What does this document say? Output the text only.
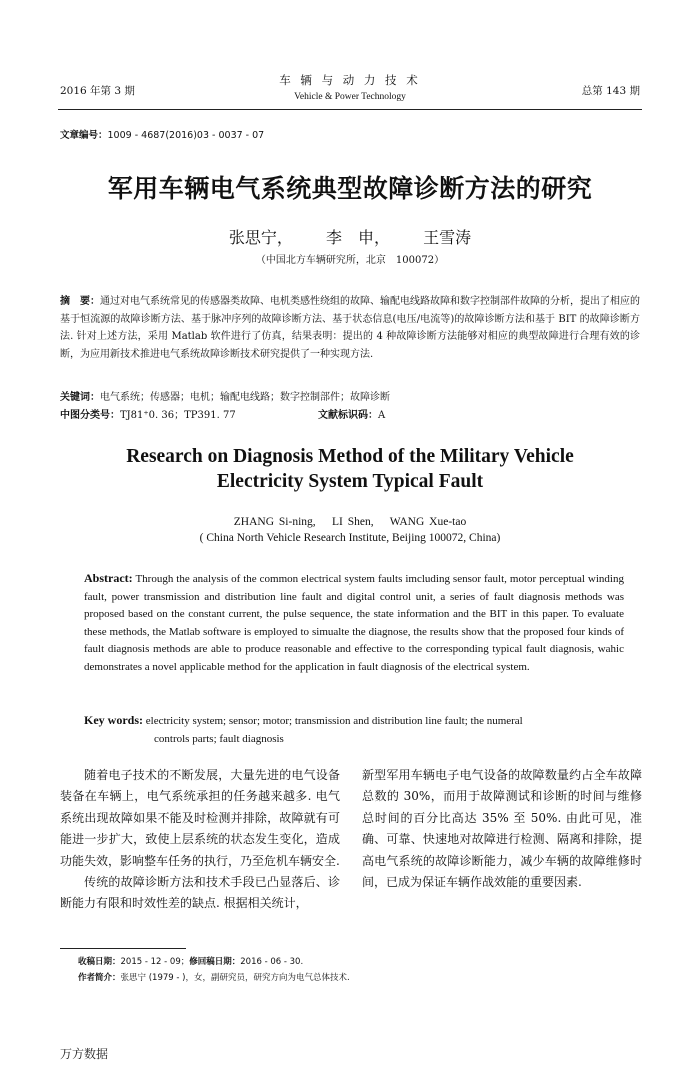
2016 年第 3 期
车 辆 与 动 力 技 术
Vehicle & Power Technology	总第 143 期
文章编号：1009 - 4687(2016)03 - 0037 - 07
军用车辆电气系统典型故障诊断方法的研究
张思宁， 李　申， 王雪涛
（中国北方车辆研究所，北京　100072）
摘　要：通过对电气系统常见的传感器类故障、电机类感性绕组的故障、输配电线路故障和数字控制部件故障的分析，提出了相应的基于恒流源的故障诊断方法、基于脉冲序列的故障诊断方法、基于状态信息(电压/电流等)的故障诊断方法和基于 BIT 的故障诊断方法. 针对上述方法，采用 Matlab 软件进行了仿真，结果表明：提出的 4 种故障诊断方法能够对相应的典型故障进行合理有效的诊断，为应用新技术推进电气系统故障诊断技术研究提供了一种实现方法.
关键词：电气系统；传感器；电机；输配电线路；数字控制部件；故障诊断
中图分类号：TJ81⁺0. 36；TP391. 77	文献标识码：A
Research on Diagnosis Method of the Military Vehicle
Electricity System Typical Fault
ZHANG Si-ning,　 LI Shen,　 WANG Xue-tao
( China North Vehicle Research Institute, Beijing 100072, China)
Abstract: Through the analysis of the common electrical system faults imcluding sensor fault, motor perceptual winding fault, power transmission and distribution line fault and digital control unit, a series of fault diagnosis methods was proposed based on the constant current, the pulse sequence, the state information and the BIT in this paper. To evaluate these methods, the Matlab software is employed to simualte the diagnose, the results show that the proposed four kinds of fault diagnosis methods are able to produce reasonable and effective to the corresponding typical fault diagnosis, wahic demonstrates a novel applicable method for the application in fault diagnosis of the electrical system.
Key words: electricity system; sensor; motor; transmission and distribution line fault; the numeral
controls parts; fault diagnosis

随着电子技术的不断发展，大量先进的电气设备装备在车辆上，电气系统承担的任务越来越多. 电气系统出现故障如果不能及时检测并排除，故障就有可能进一步扩大，致使上层系统的状态发生变化，造成功能失效，影响整车任务的执行，乃至危机车辆安全.

传统的故障诊断方法和技术手段已凸显落后、诊断能力有限和时效性差的缺点. 根据相关统计，

新型军用车辆电子电气设备的故障数量约占全车故障总数的 30%，而用于故障测试和诊断的时间与维修总时间的百分比高达 35% 至 50%. 由此可见，准确、可靠、快速地对故障进行检测、隔离和排除，提高电气系统的故障诊断能力，减少车辆的故障维修时间，已成为保证车辆作战效能的重要因素.

收稿日期：2015 - 12 - 09；修回稿日期：2016 - 06 - 30.
作者简介：张思宁 (1979 - )，女，副研究员，研究方向为电气总体技术.
万方数据
